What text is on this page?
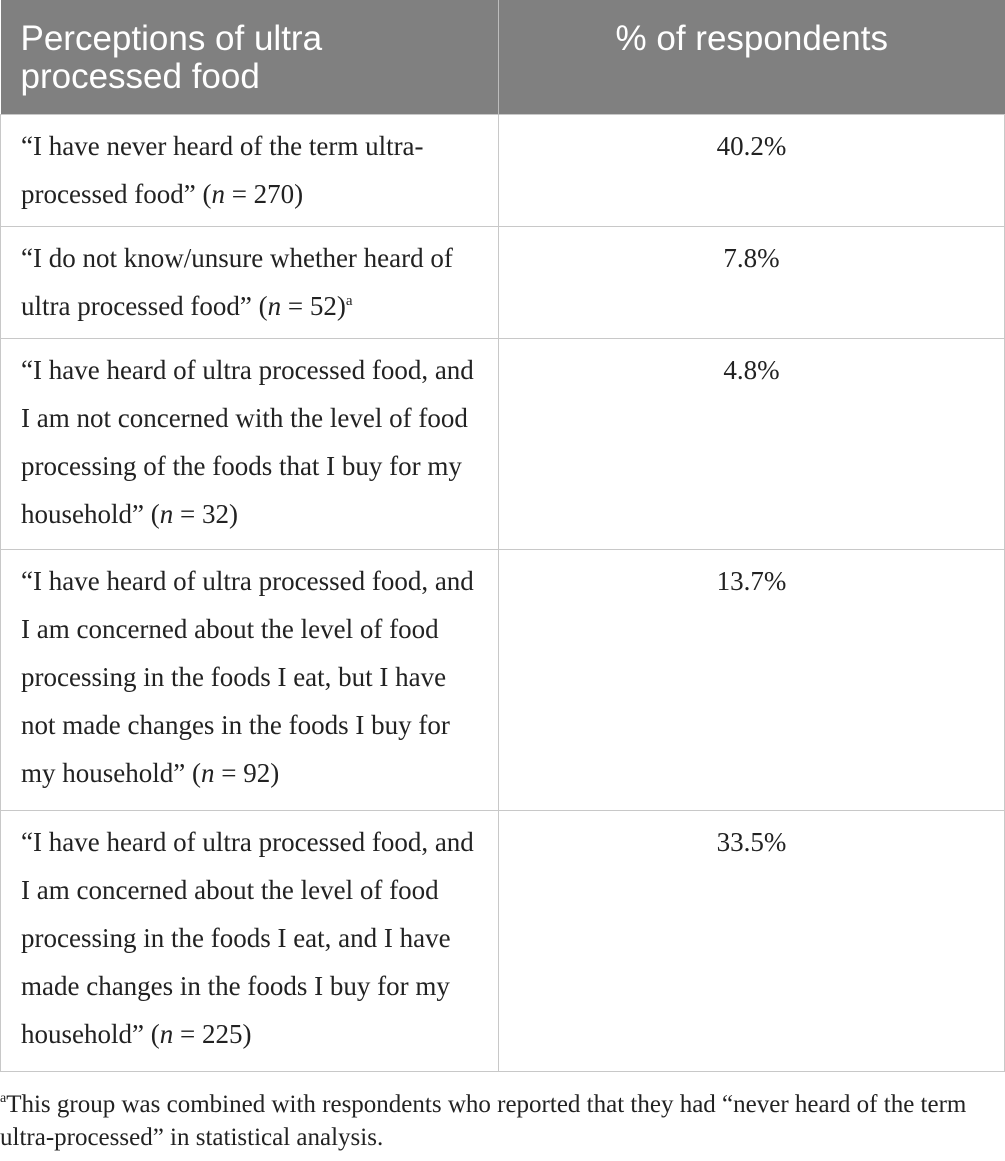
Perceptions of ultra processed food	% of respondents
“I have never heard of the term ultra-processed food” (n = 270)	40.2%
“I do not know/unsure whether heard of ultra processed food” (n = 52)$^a$	7.8%
“I have heard of ultra processed food, and I am not concerned with the level of food processing of the foods that I buy for my household” (n = 32)	4.8%
“I have heard of ultra processed food, and I am concerned about the level of food processing in the foods I eat, but I have not made changes in the foods I buy for my household” (n = 92)	13.7%
“I have heard of ultra processed food, and I am concerned about the level of food processing in the foods I eat, and I have made changes in the foods I buy for my household” (n = 225)	33.5%
$^a$This group was combined with respondents who reported that they had “never heard of the term ultra-processed” in statistical analysis.
